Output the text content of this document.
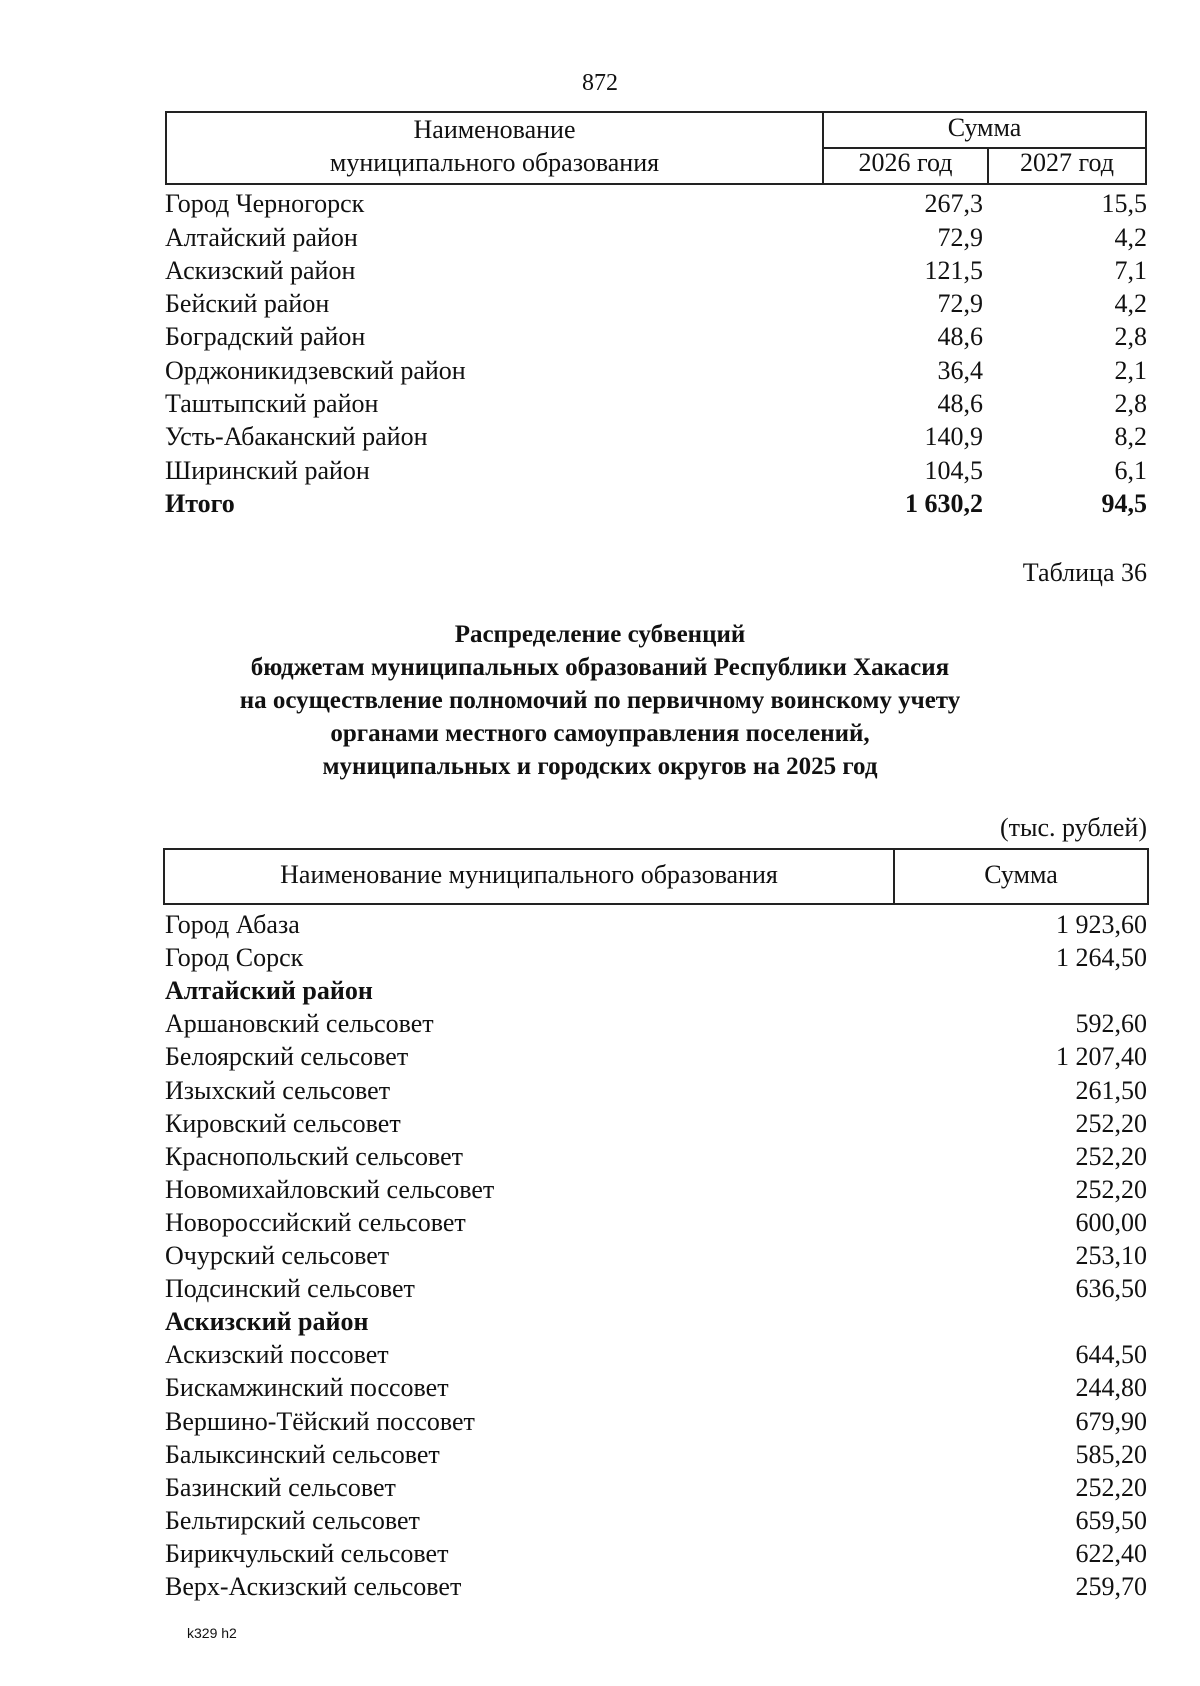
872
Наименование
муниципального образования
Сумма
2026 год	2027 год
Город Черногорск	267,3	15,5
Алтайский район	72,9	4,2
Аскизский район	121,5	7,1
Бейский район	72,9	4,2
Боградский район	48,6	2,8
Орджоникидзевский район	36,4	2,1
Таштыпский район	48,6	2,8
Усть-Абаканский район	140,9	8,2
Ширинский район	104,5	6,1
Итого	1 630,2	94,5
Таблица 36
Распределение субвенций
бюджетам муниципальных образований Республики Хакасия
на осуществление полномочий по первичному воинскому учету
органами местного самоуправления поселений,
муниципальных и городских округов на 2025 год
(тыс. рублей)
Наименование муниципального образования	Сумма
Город Абаза	1 923,60
Город Сорск	1 264,50
Алтайский район
Аршановский сельсовет	592,60
Белоярский сельсовет	1 207,40
Изыхский сельсовет	261,50
Кировский сельсовет	252,20
Краснопольский сельсовет	252,20
Новомихайловский сельсовет	252,20
Новороссийский сельсовет	600,00
Очурский сельсовет	253,10
Подсинский сельсовет	636,50
Аскизский район
Аскизский поссовет	644,50
Бискамжинский поссовет	244,80
Вершино-Тёйский поссовет	679,90
Балыксинский сельсовет	585,20
Базинский сельсовет	252,20
Бельтирский сельсовет	659,50
Бирикчульский сельсовет	622,40
Верх-Аскизский сельсовет	259,70
k329 h2
